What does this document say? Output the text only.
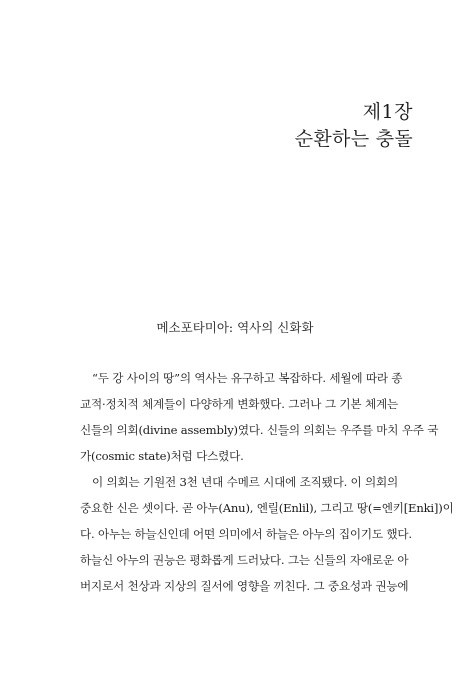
제1장
순환하는 충돌
메소포타미아: 역사의 신화화
“두 강 사이의 땅”의 역사는 유구하고 복잡하다. 세월에 따라 종
교적·정치적 체계들이 다양하게 변화했다. 그러나 그 기본 체계는
신들의 의회(divine assembly)였다. 신들의 의회는 우주를 마치 우주 국
가(cosmic state)처럼 다스렸다.
이 의회는 기원전 3천 년대 수메르 시대에 조직됐다. 이 의회의
중요한 신은 셋이다. 곧 아누(Anu), 엔릴(Enlil), 그리고 땅(=엔키[Enki])이
다. 아누는 하늘신인데 어떤 의미에서 하늘은 아누의 집이기도 했다.
하늘신 아누의 권능은 평화롭게 드러났다. 그는 신들의 자애로운 아
버지로서 천상과 지상의 질서에 영향을 끼친다. 그 중요성과 권능에
